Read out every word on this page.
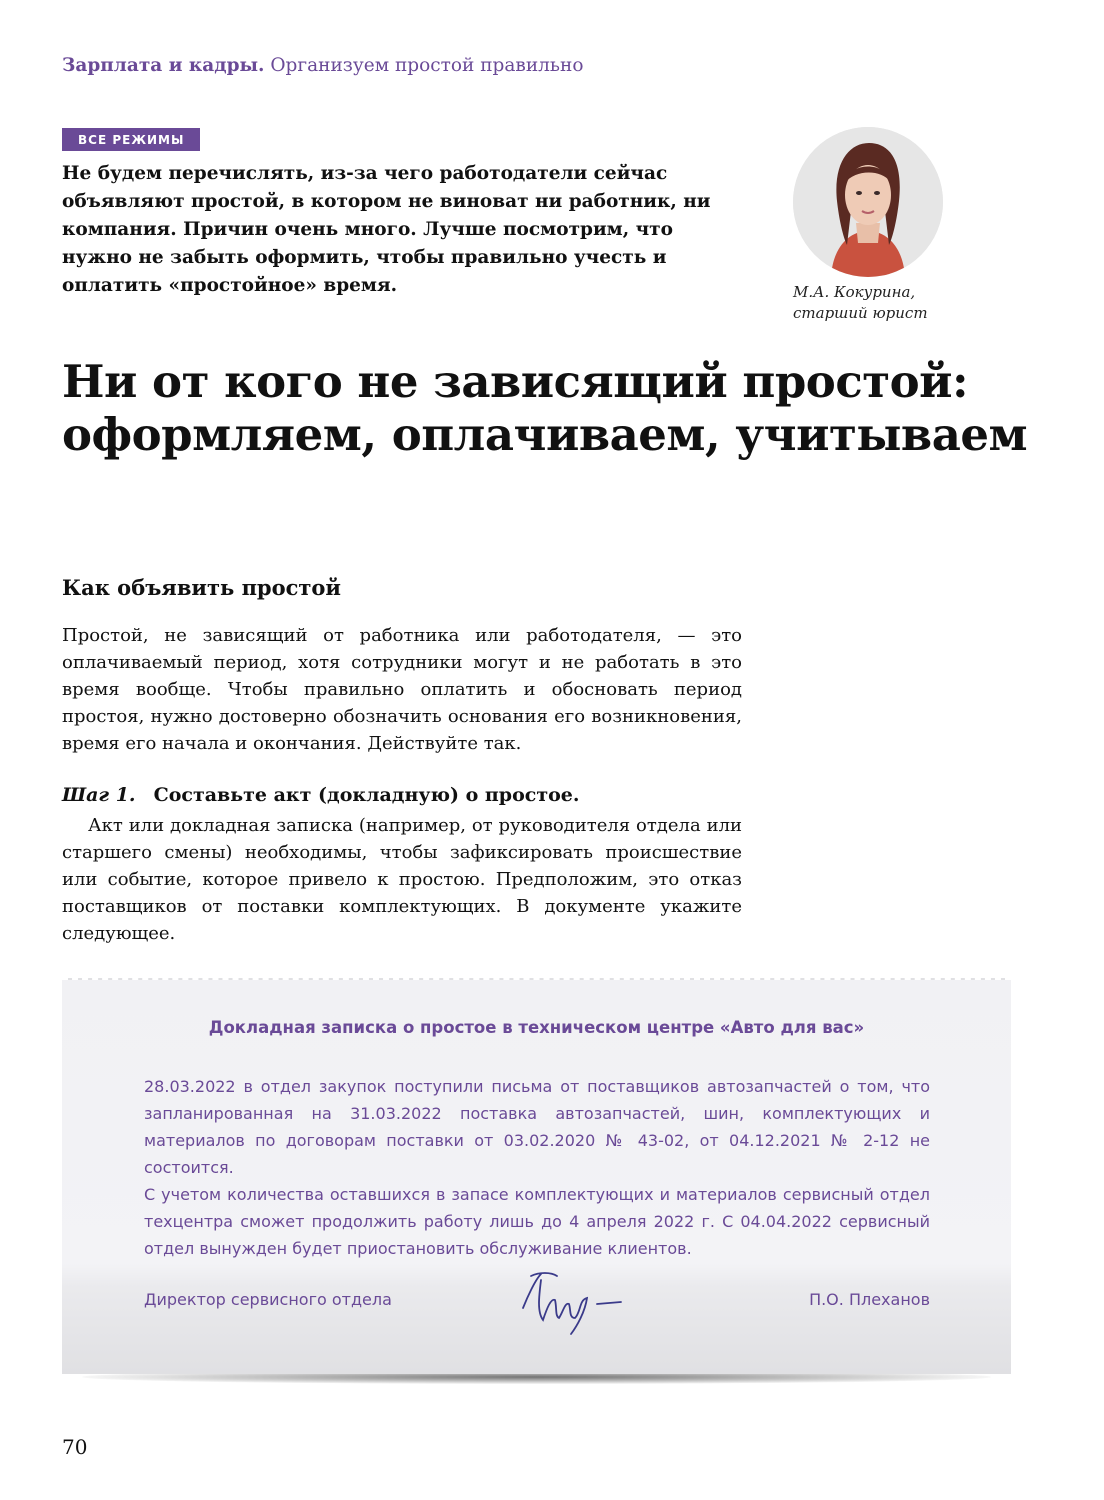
Зарплата и кадры. Организуем простой правильно
ВСЕ РЕЖИМЫ
Не будем перечислять, из-за чего работодатели сейчас объявляют простой, в котором не виноват ни работник, ни компания. Причин очень много. Лучше посмотрим, что нужно не забыть оформить, чтобы правильно учесть и оплатить «простойное» время.	М.А. Кокурина,
старший юрист
Ни от кого не зависящий простой: оформляем, оплачиваем, учитываем
Как объявить простой

Простой, не зависящий от работника или работодателя, — это оплачиваемый период, хотя сотрудники могут и не работать в это время вообще. Чтобы правильно оплатить и обосновать период простоя, нужно достоверно обозначить основания его возникновения, время его начала и окончания. Действуйте так.

Шаг 1. Составьте акт (докладную) о простое.

Акт или докладная записка (например, от руководителя отдела или старшего смены) необходимы, чтобы зафиксировать происшествие или событие, которое привело к простою. Предположим, это отказ поставщиков от поставки комплектующих. В документе укажите следующее.

Докладная записка о простое в техническом центре «Авто для вас»

28.03.2022 в отдел закупок поступили письма от поставщиков автозапчастей о том, что запланированная на 31.03.2022 поставка автозапчастей, шин, комплектующих и материалов по договорам поставки от 03.02.2020 № 43-02, от 04.12.2021 № 2-12 не состоится.

С учетом количества оставшихся в запасе комплектующих и материалов сервисный отдел техцентра сможет продолжить работу лишь до 4 апреля 2022 г. С 04.04.2022 сервисный отдел вынужден будет приостановить обслуживание клиентов.

Директор сервисного отдела	П.О. Плеханов
70
